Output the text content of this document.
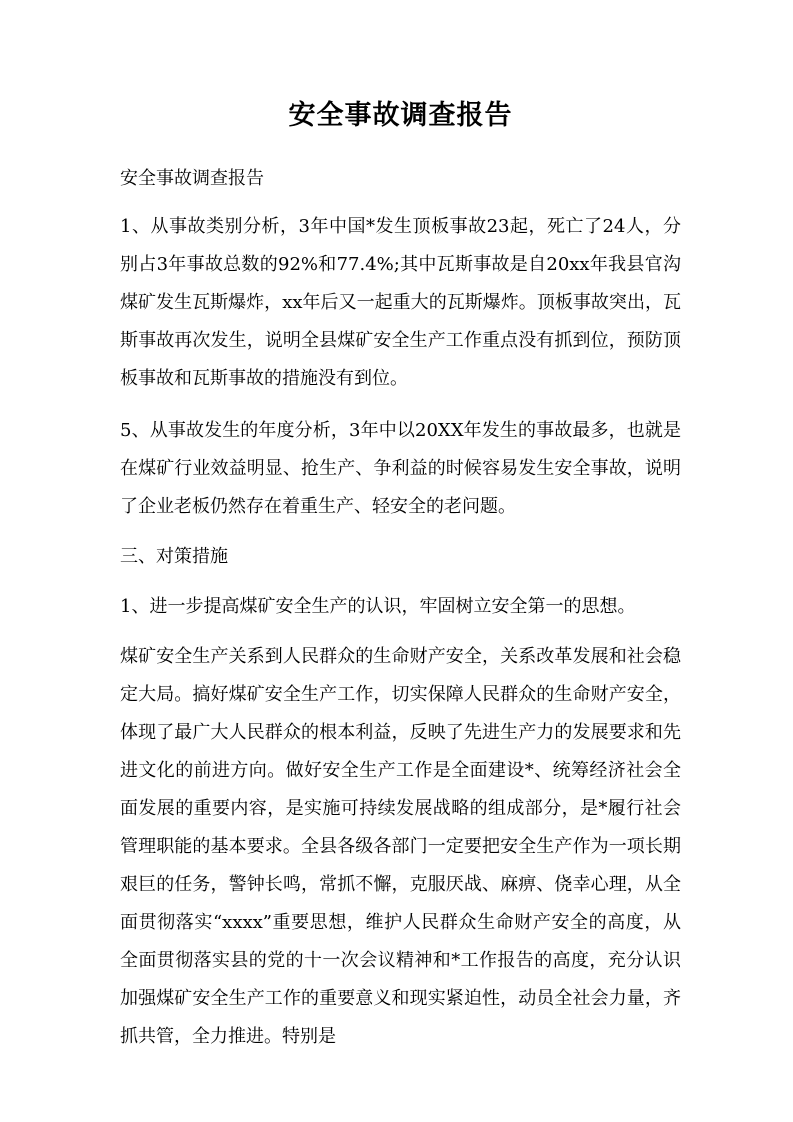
安全事故调查报告

安全事故调查报告

1、从事故类别分析，3年中国*发生顶板事故23起，死亡了24人，分别占3年事故总数的92%和77.4%;其中瓦斯事故是自20xx年我县官沟煤矿发生瓦斯爆炸，xx年后又一起重大的瓦斯爆炸。顶板事故突出，瓦斯事故再次发生，说明全县煤矿安全生产工作重点没有抓到位，预防顶板事故和瓦斯事故的措施没有到位。

5、从事故发生的年度分析，3年中以20XX年发生的事故最多，也就是在煤矿行业效益明显、抢生产、争利益的时候容易发生安全事故，说明了企业老板仍然存在着重生产、轻安全的老问题。

三、对策措施

1、进一步提高煤矿安全生产的认识，牢固树立安全第一的思想。

煤矿安全生产关系到人民群众的生命财产安全，关系改革发展和社会稳定大局。搞好煤矿安全生产工作，切实保障人民群众的生命财产安全，体现了最广大人民群众的根本利益，反映了先进生产力的发展要求和先进文化的前进方向。做好安全生产工作是全面建设*、统筹经济社会全面发展的重要内容，是实施可持续发展战略的组成部分，是*履行社会管理职能的基本要求。全县各级各部门一定要把安全生产作为一项长期艰巨的任务，警钟长鸣，常抓不懈，克服厌战、麻痹、侥幸心理，从全面贯彻落实“xxxx”重要思想，维护人民群众生命财产安全的高度，从全面贯彻落实县的党的十一次会议精神和*工作报告的高度，充分认识加强煤矿安全生产工作的重要意义和现实紧迫性，动员全社会力量，齐抓共管，全力推进。特别是
